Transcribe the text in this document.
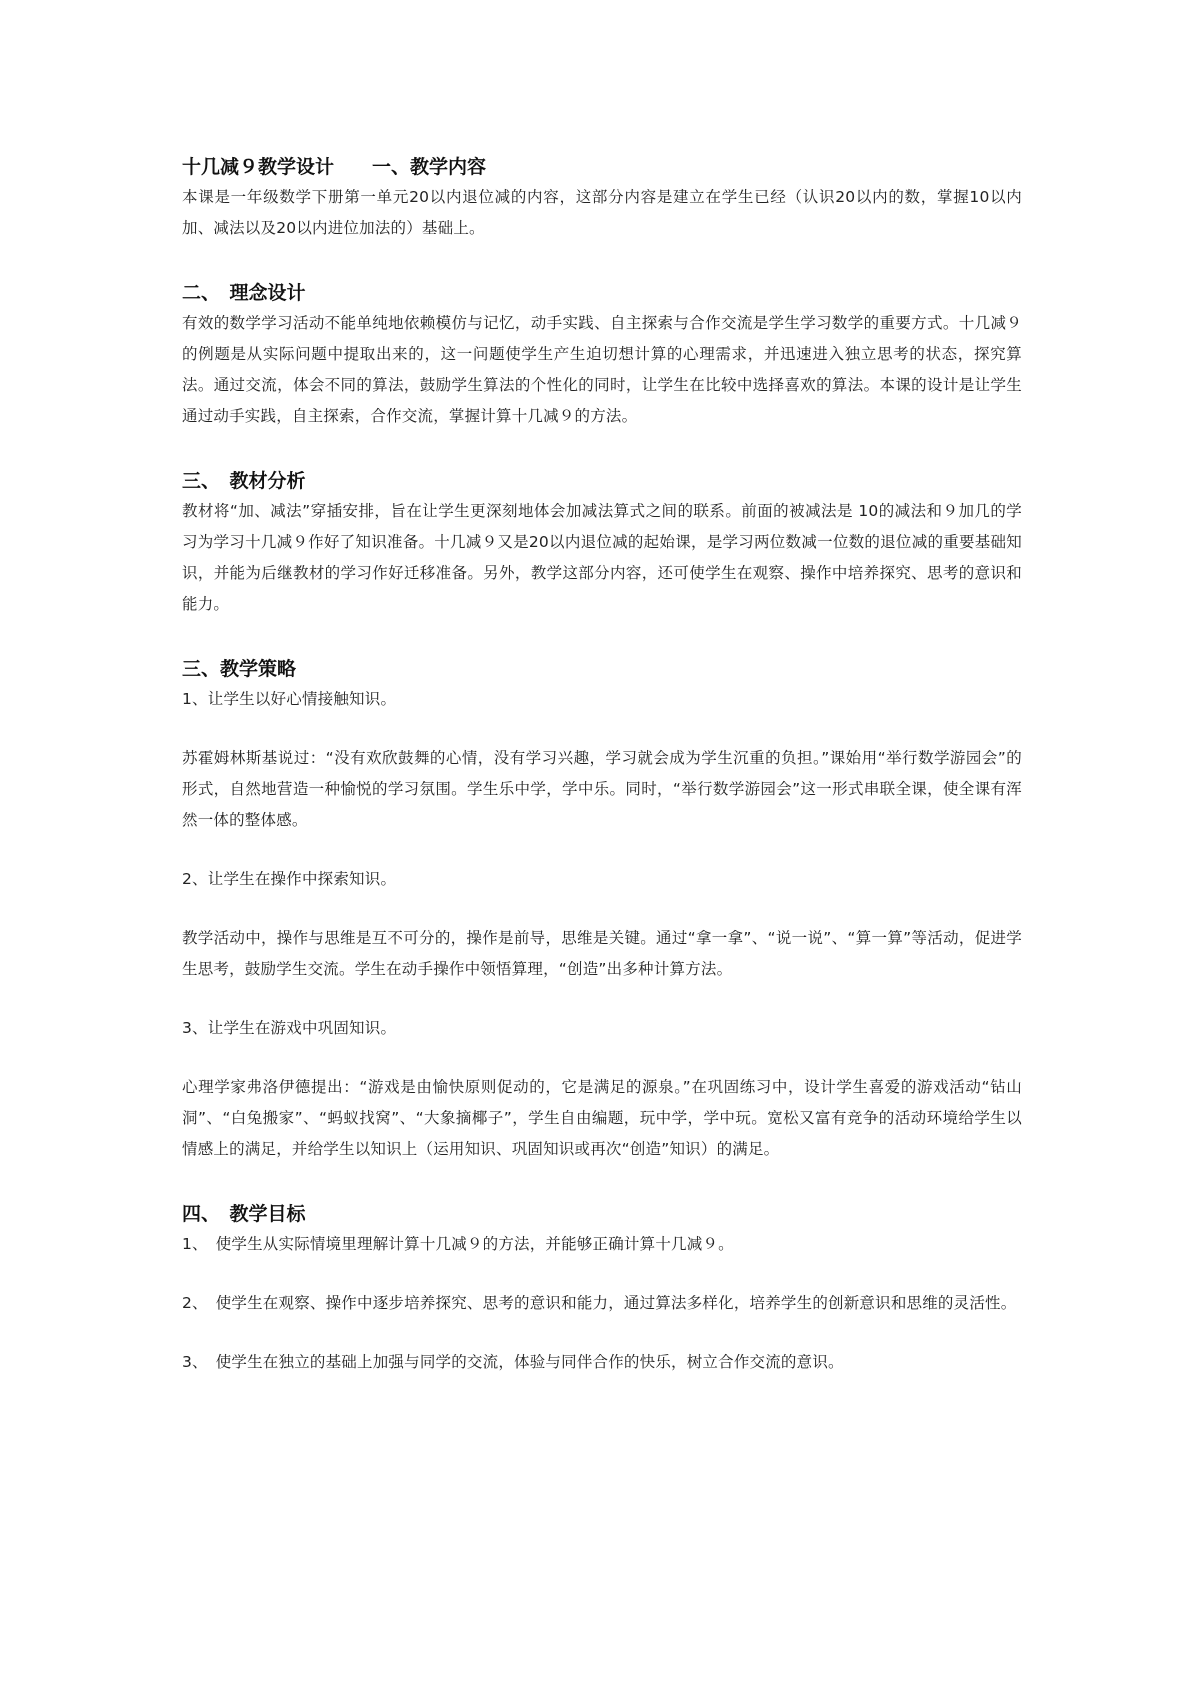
十几减９教学设计　　一、教学内容

本课是一年级数学下册第一单元20以内退位减的内容，这部分内容是建立在学生已经（认识20以内的数，掌握10以内加、减法以及20以内进位加法的）基础上。

二、　理念设计

有效的数学学习活动不能单纯地依赖模仿与记忆，动手实践、自主探索与合作交流是学生学习数学的重要方式。十几减９的例题是从实际问题中提取出来的，这一问题使学生产生迫切想计算的心理需求，并迅速进入独立思考的状态，探究算法。通过交流，体会不同的算法，鼓励学生算法的个性化的同时，让学生在比较中选择喜欢的算法。本课的设计是让学生通过动手实践，自主探索，合作交流，掌握计算十几减９的方法。

三、　教材分析

教材将“加、减法”穿插安排，旨在让学生更深刻地体会加减法算式之间的联系。前面的被减法是 10的减法和９加几的学习为学习十几减９作好了知识准备。十几减９又是20以内退位减的起始课，是学习两位数减一位数的退位减的重要基础知识，并能为后继教材的学习作好迁移准备。另外，教学这部分内容，还可使学生在观察、操作中培养探究、思考的意识和能力。

三、教学策略

1、让学生以好心情接触知识。

苏霍姆林斯基说过：“没有欢欣鼓舞的心情，没有学习兴趣，学习就会成为学生沉重的负担。”课始用“举行数学游园会”的形式，自然地营造一种愉悦的学习氛围。学生乐中学，学中乐。同时，“举行数学游园会”这一形式串联全课，使全课有浑然一体的整体感。

2、让学生在操作中探索知识。

教学活动中，操作与思维是互不可分的，操作是前导，思维是关键。通过“拿一拿”、“说一说”、“算一算”等活动，促进学生思考，鼓励学生交流。学生在动手操作中领悟算理，“创造”出多种计算方法。

3、让学生在游戏中巩固知识。

心理学家弗洛伊德提出：“游戏是由愉快原则促动的，它是满足的源泉。”在巩固练习中，设计学生喜爱的游戏活动“钻山洞”、“白兔搬家”、“蚂蚁找窝”、“大象摘椰子”，学生自由编题，玩中学，学中玩。宽松又富有竞争的活动环境给学生以情感上的满足，并给学生以知识上（运用知识、巩固知识或再次“创造”知识）的满足。

四、　教学目标

1、　使学生从实际情境里理解计算十几减９的方法，并能够正确计算十几减９。

2、　使学生在观察、操作中逐步培养探究、思考的意识和能力，通过算法多样化，培养学生的创新意识和思维的灵活性。

3、　使学生在独立的基础上加强与同学的交流，体验与同伴合作的快乐，树立合作交流的意识。
